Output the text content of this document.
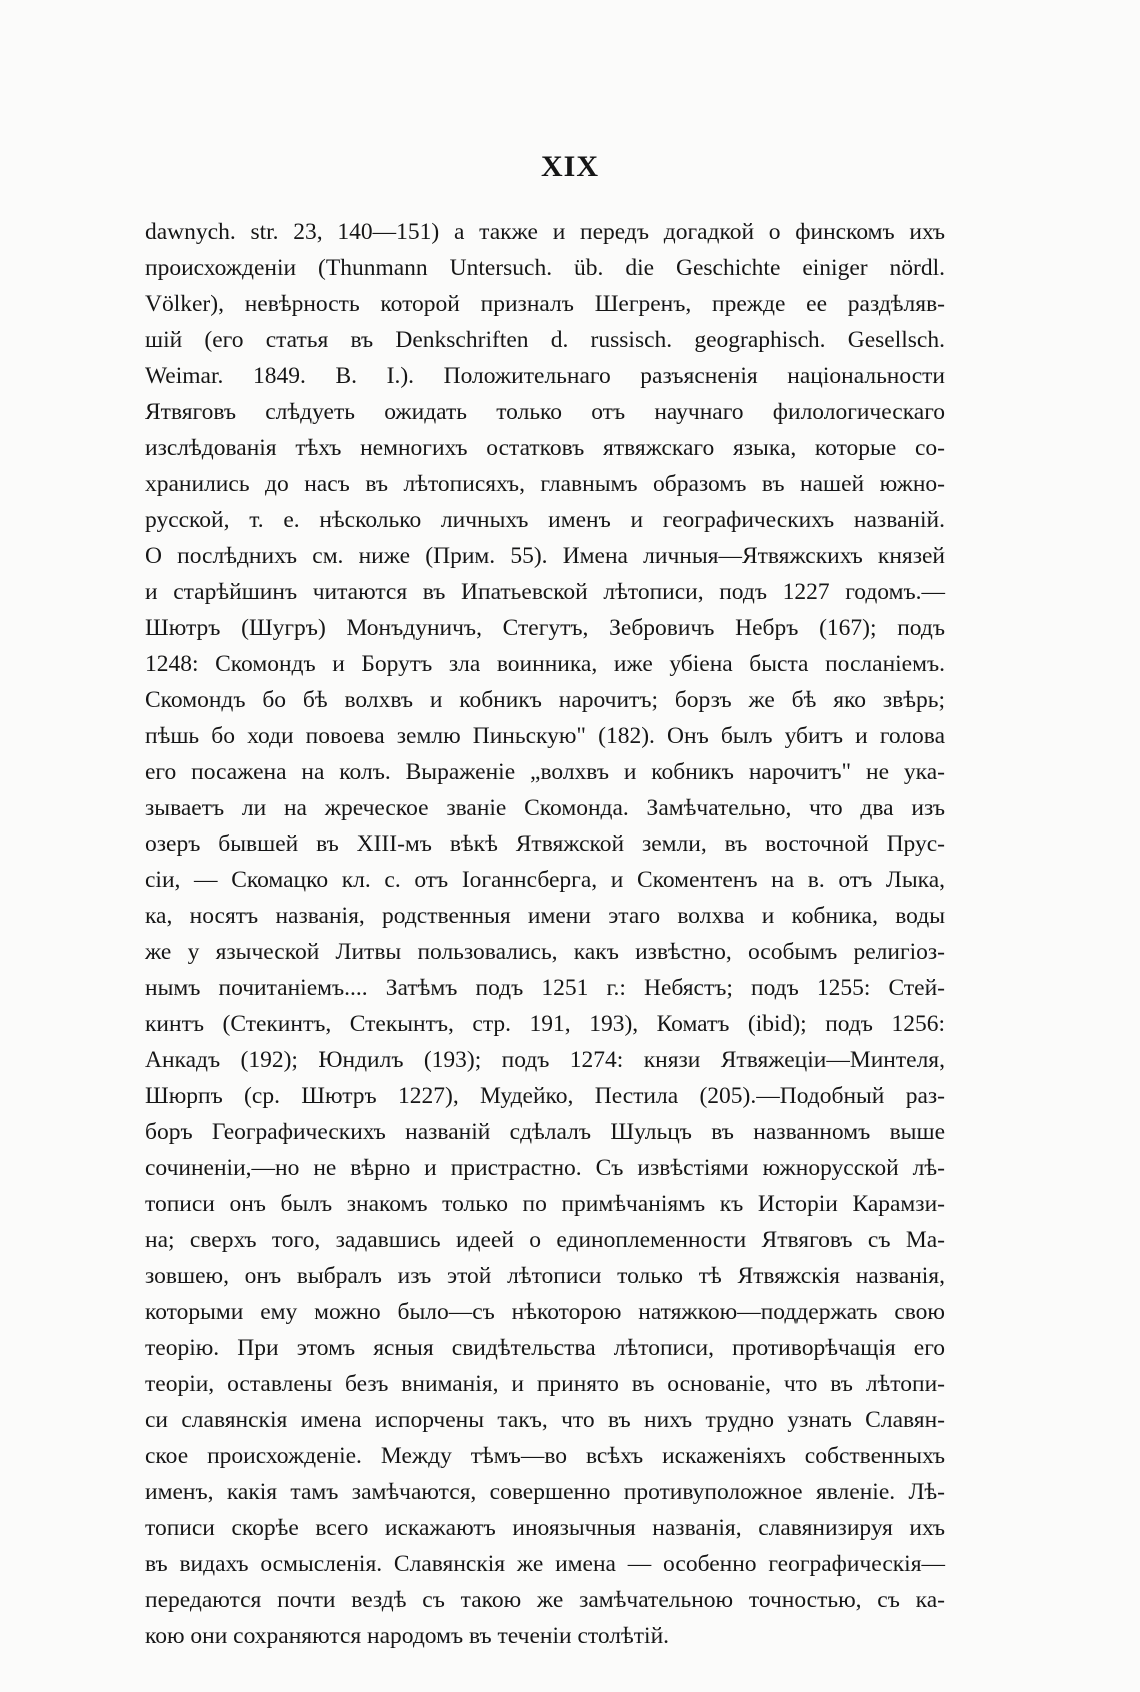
XIX
dawnych. str. 23, 140—151) а также и передъ догадкой о финскомъ ихъ
происхожденіи (Thunmann Untersuch. üb. die Geschichte einiger nördl.
Völker), невѣрность которой призналъ Шегренъ, прежде ее раздѣляв-
шій (его статья въ Denkschriften d. russisch. geographisch. Gesellsch.
Weimar. 1849. B. I.). Положительнаго разъясненія національности
Ятвяговъ слѣдуеть ожидать только отъ научнаго филологическаго
изслѣдованія тѣхъ немногихъ остатковъ ятвяжскаго языка, которые со-
хранились до насъ въ лѣтописяхъ, главнымъ образомъ въ нашей южно-
русской, т. е. нѣсколько личныхъ именъ и географическихъ названій.
О послѣднихъ см. ниже (Прим. 55). Имена личныя—Ятвяжскихъ князей
и старѣйшинъ читаются въ Ипатьевской лѣтописи, подъ 1227 годомъ.—
Шютръ (Шугръ) Монъдуничъ, Стегутъ, Зебровичъ Небръ (167); подъ
1248: Скомондъ и Борутъ зла воинника, иже убіена быста посланіемъ.
Скомондъ бо бѣ волхвъ и кобникъ нарочитъ; борзъ же бѣ яко звѣрь;
пѣшь бо ходи повоева землю Пиньскую" (182). Онъ былъ убитъ и голова
его посажена на колъ. Выраженіе „волхвъ и кобникъ нарочитъ" не ука-
зываетъ ли на жреческое званіе Скомонда. Замѣчательно, что два изъ
озеръ бывшей въ XIII-мъ вѣкѣ Ятвяжской земли, въ восточной Прус-
сіи, — Скомацко кл. с. отъ Іоганнсберга, и Скоментенъ на в. отъ Лыка,
ка, носятъ названія, родственныя имени этаго волхва и кобника, воды
же у языческой Литвы пользовались, какъ извѣстно, особымъ религіоз-
нымъ почитаніемъ.... Затѣмъ подъ 1251 г.: Небястъ; подъ 1255: Стей-
кинтъ (Стекинтъ, Стекынтъ, стр. 191, 193), Коматъ (ibid); подъ 1256:
Анкадъ (192); Юндилъ (193); подъ 1274: князи Ятвяжецiи—Минтеля,
Шюрпъ (ср. Шютръ 1227), Мудейко, Пестила (205).—Подобный раз-
боръ Географическихъ названій сдѣлалъ Шульцъ въ названномъ выше
сочиненіи,—но не вѣрно и пристрастно. Съ извѣстіями южнорусской лѣ-
тописи онъ былъ знакомъ только по примѣчаніямъ къ Исторіи Карамзи-
на; сверхъ того, задавшись идеей о единоплеменности Ятвяговъ съ Ма-
зовшею, онъ выбралъ изъ этой лѣтописи только тѣ Ятвяжскія названія,
которыми ему можно было—съ нѣкоторою натяжкою—поддержать свою
теорію. При этомъ ясныя свидѣтельства лѣтописи, противорѣчащія его
теоріи, оставлены безъ вниманія, и принято въ основаніе, что въ лѣтопи-
си славянскія имена испорчены такъ, что въ нихъ трудно узнать Славян-
ское происхожденіе. Между тѣмъ—во всѣхъ искаженіяхъ собственныхъ
именъ, какія тамъ замѣчаются, совершенно противуположное явленіе. Лѣ-
тописи скорѣе всего искажаютъ иноязычныя названія, славянизируя ихъ
въ видахъ осмысленія. Славянскія же имена — особенно географическія—
передаются почти вездѣ съ такою же замѣчательною точностью, съ ка-
кою они сохраняются народомъ въ теченіи столѣтій.
